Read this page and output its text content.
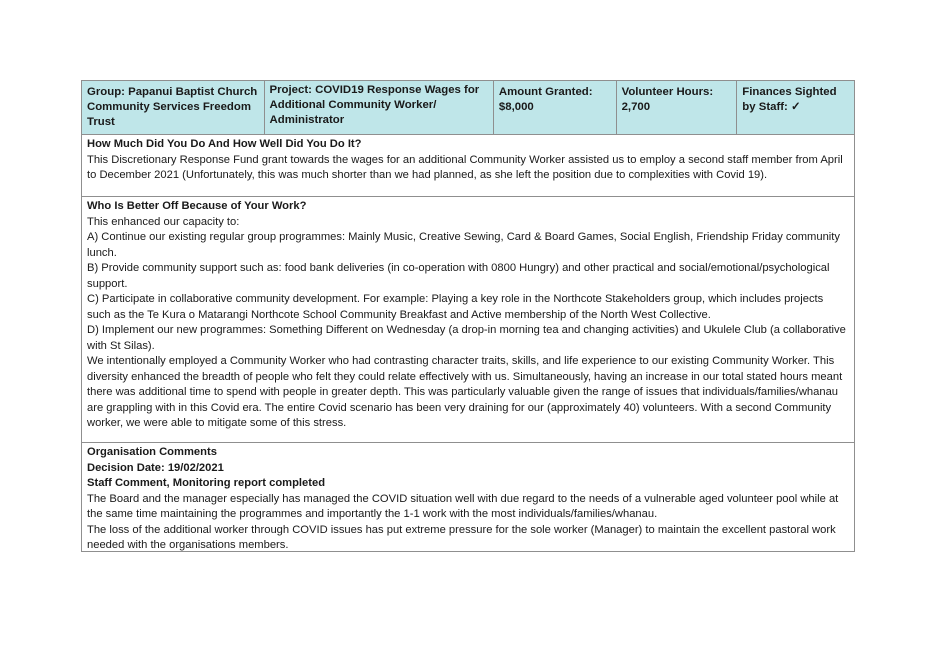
Group: Papanui Baptist Church Community Services Freedom Trust
Project: COVID19 Response Wages for Additional Community Worker/ Administrator
Amount Granted:
$8,000
Volunteer Hours:
2,700
Finances Sighted by Staff: ✓
How Much Did You Do And How Well Did You Do It?
This Discretionary Response Fund grant towards the wages for an additional Community Worker assisted us to employ a second staff member from April to December 2021 (Unfortunately, this was much shorter than we had planned, as she left the position due to complexities with Covid 19).
Who Is Better Off Because of Your Work?
This enhanced our capacity to:
A) Continue our existing regular group programmes: Mainly Music, Creative Sewing, Card & Board Games, Social English, Friendship Friday community lunch.
B) Provide community support such as: food bank deliveries (in co-operation with 0800 Hungry) and other practical and social/emotional/psychological support.
C) Participate in collaborative community development. For example: Playing a key role in the Northcote Stakeholders group, which includes projects such as the Te Kura o Matarangi Northcote School Community Breakfast and Active membership of the North West Collective.
D) Implement our new programmes: Something Different on Wednesday (a drop-in morning tea and changing activities) and Ukulele Club (a collaborative with St Silas).
We intentionally employed a Community Worker who had contrasting character traits, skills, and life experience to our existing Community Worker. This diversity enhanced the breadth of people who felt they could relate effectively with us. Simultaneously, having an increase in our total stated hours meant there was additional time to spend with people in greater depth. This was particularly valuable given the range of issues that individuals/families/whanau are grappling with in this Covid era. The entire Covid scenario has been very draining for our (approximately 40) volunteers. With a second Community worker, we were able to mitigate some of this stress.
Organisation Comments
Decision Date: 19/02/2021
Staff Comment, Monitoring report completed
The Board and the manager especially has managed the COVID situation well with due regard to the needs of a vulnerable aged volunteer pool while at the same time maintaining the programmes and importantly the 1-1 work with the most individuals/families/whanau.
The loss of the additional worker through COVID issues has put extreme pressure for the sole worker (Manager) to maintain the excellent pastoral work needed with the organisations members.
